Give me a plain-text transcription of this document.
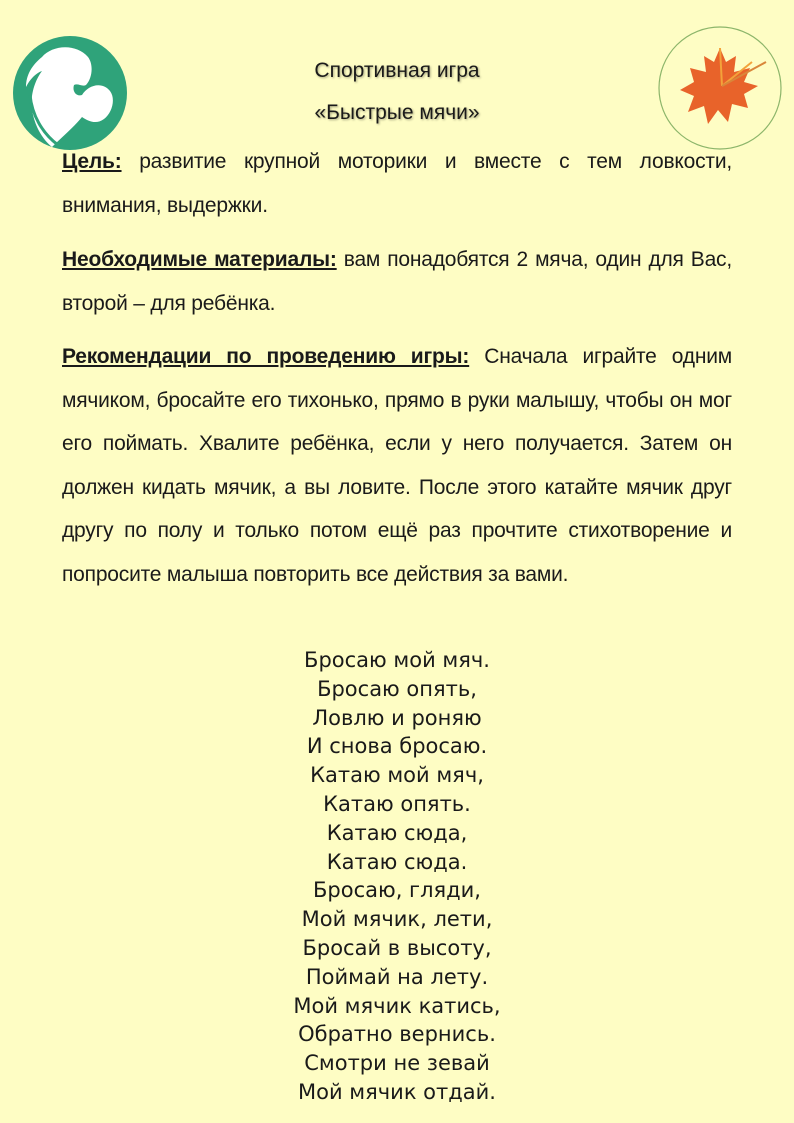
Спортивная игра
«Быстрые мячи»
Цель: развитие крупной моторики и вместе с тем ловкости, внимания, выдержки.
Необходимые материалы: вам понадобятся 2 мяча, один для Вас, второй – для ребёнка.
Рекомендации по проведению игры: Сначала играйте одним мячиком, бросайте его тихонько, прямо в руки малышу, чтобы он мог его поймать. Хвалите ребёнка, если у него получается. Затем он должен кидать мячик, а вы ловите. После этого катайте мячик друг другу по полу и только потом ещё раз прочтите стихотворение и попросите малыша повторить все действия за вами.
Бросаю мой мяч.
Бросаю опять,
Ловлю и роняю
И снова бросаю.
Катаю мой мяч,
Катаю опять.
Катаю сюда,
Катаю сюда.
Бросаю, гляди,
Мой мячик, лети,
Бросай в высоту,
Поймай на лету.
Мой мячик катись,
Обратно вернись.
Смотри не зевай
Мой мячик отдай.
